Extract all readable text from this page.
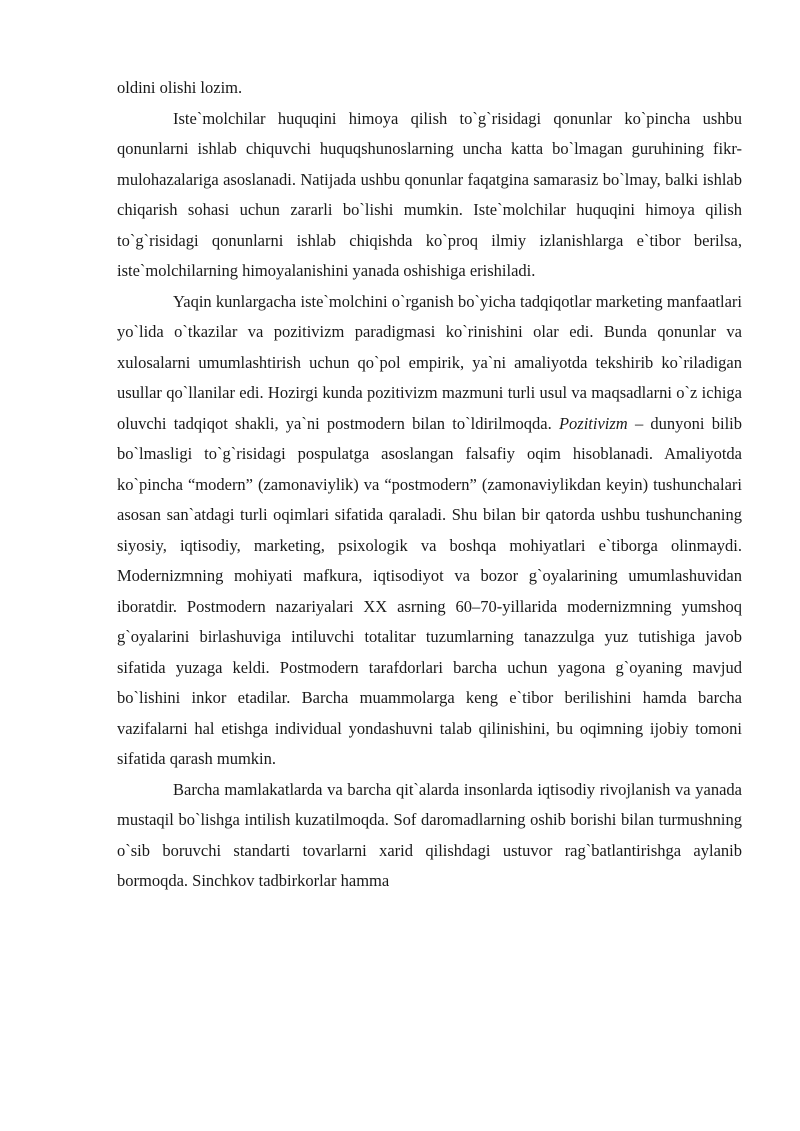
oldini olishi lozim.

Iste`molchilar huquqini himoya qilish to`g`risidagi qonunlar ko`pincha ushbu qonunlarni ishlab chiquvchi huquqshunoslarning uncha katta bo`lmagan guruhining fikr-mulohazalariga asoslanadi. Natijada ushbu qonunlar faqatgina samarasiz bo`lmay, balki ishlab chiqarish sohasi uchun zararli bo`lishi mumkin. Iste`molchilar huquqini himoya qilish to`g`risidagi qonunlarni ishlab chiqishda ko`proq ilmiy izlanishlarga e`tibor berilsa, iste`molchilarning himoyalanishini yanada oshishiga erishiladi.

Yaqin kunlargacha iste`molchini o`rganish bo`yicha tadqiqotlar marketing manfaatlari yo`lida o`tkazilar va pozitivizm paradigmasi ko`rinishini olar edi. Bunda qonunlar va xulosalarni umumlashtirish uchun qo`pol empirik, ya`ni amaliyotda tekshirib ko`riladigan usullar qo`llanilar edi. Hozirgi kunda pozitivizm mazmuni turli usul va maqsadlarni o`z ichiga oluvchi tadqiqot shakli, ya`ni postmodern bilan to`ldirilmoqda. Pozitivizm – dunyoni bilib bo`lmasligi to`g`risidagi pospulatga asoslangan falsafiy oqim hisoblanadi. Amaliyotda ko`pincha “modern” (zamonaviylik) va “postmodern” (zamonaviylikdan keyin) tushunchalari asosan san`atdagi turli oqimlari sifatida qaraladi. Shu bilan bir qatorda ushbu tushunchaning siyosiy, iqtisodiy, marketing, psixologik va boshqa mohiyatlari e`tiborga olinmaydi. Modernizmning mohiyati mafkura, iqtisodiyot va bozor g`oyalarining umumlashuvidan iboratdir. Postmodern nazariyalari XX asrning 60–70-yillarida modernizmning yumshoq g`oyalarini birlashuviga intiluvchi totalitar tuzumlarning tanazzulga yuz tutishiga javob sifatida yuzaga keldi. Postmodern tarafdorlari barcha uchun yagona g`oyaning mavjud bo`lishini inkor etadilar. Barcha muammolarga keng e`tibor berilishini hamda barcha vazifalarni hal etishga individual yondashuvni talab qilinishini, bu oqimning ijobiy tomoni sifatida qarash mumkin.

Barcha mamlakatlarda va barcha qit`alarda insonlarda iqtisodiy rivojlanish va yanada mustaqil bo`lishga intilish kuzatilmoqda. Sof daromadlarning oshib borishi bilan turmushning o`sib boruvchi standarti tovarlarni xarid qilishdagi ustuvor rag`batlantirishga aylanib bormoqda. Sinchkov tadbirkorlar hamma
